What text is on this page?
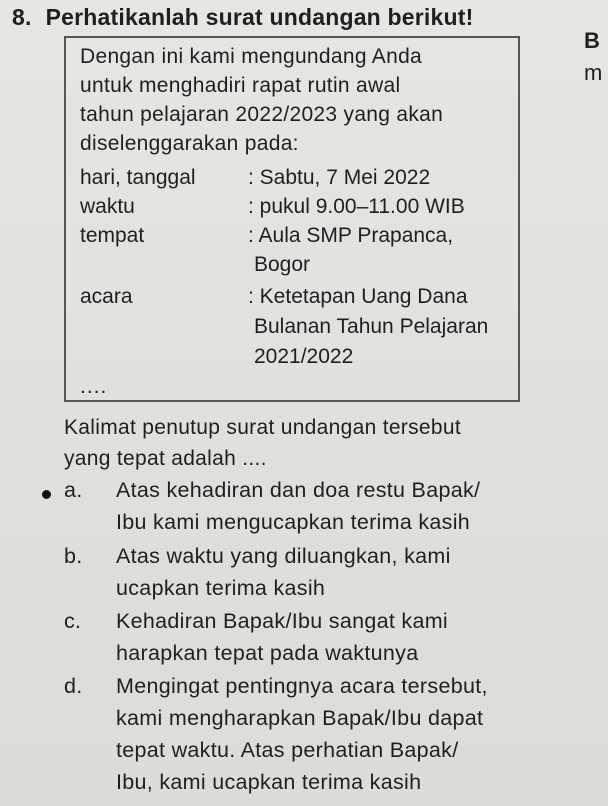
8. Perhatikanlah surat undangan berikut!
B
m

Dengan ini kami mengundang Anda

untuk menghadiri rapat rutin awal

tahun pelajaran 2022/2023 yang akan

diselenggarakan pada:

hari, tanggal : Sabtu, 7 Mei 2022
waktu	: pukul 9.00–11.00 WIB
tempat	: Aula SMP Prapanca,
Bogor
acara	: Ketetapan Uang Dana
Bulanan Tahun Pelajaran
2021/2022
....

Kalimat penutup surat undangan tersebut

yang tepat adalah ....

a.	Atas kehadiran dan doa restu Bapak/
Ibu kami mengucapkan terima kasih
b.	Atas waktu yang diluangkan, kami
ucapkan terima kasih
c.	Kehadiran Bapak/Ibu sangat kami
harapkan tepat pada waktunya
d.	Mengingat pentingnya acara tersebut,
kami mengharapkan Bapak/Ibu dapat
tepat waktu. Atas perhatian Bapak/
Ibu, kami ucapkan terima kasih
